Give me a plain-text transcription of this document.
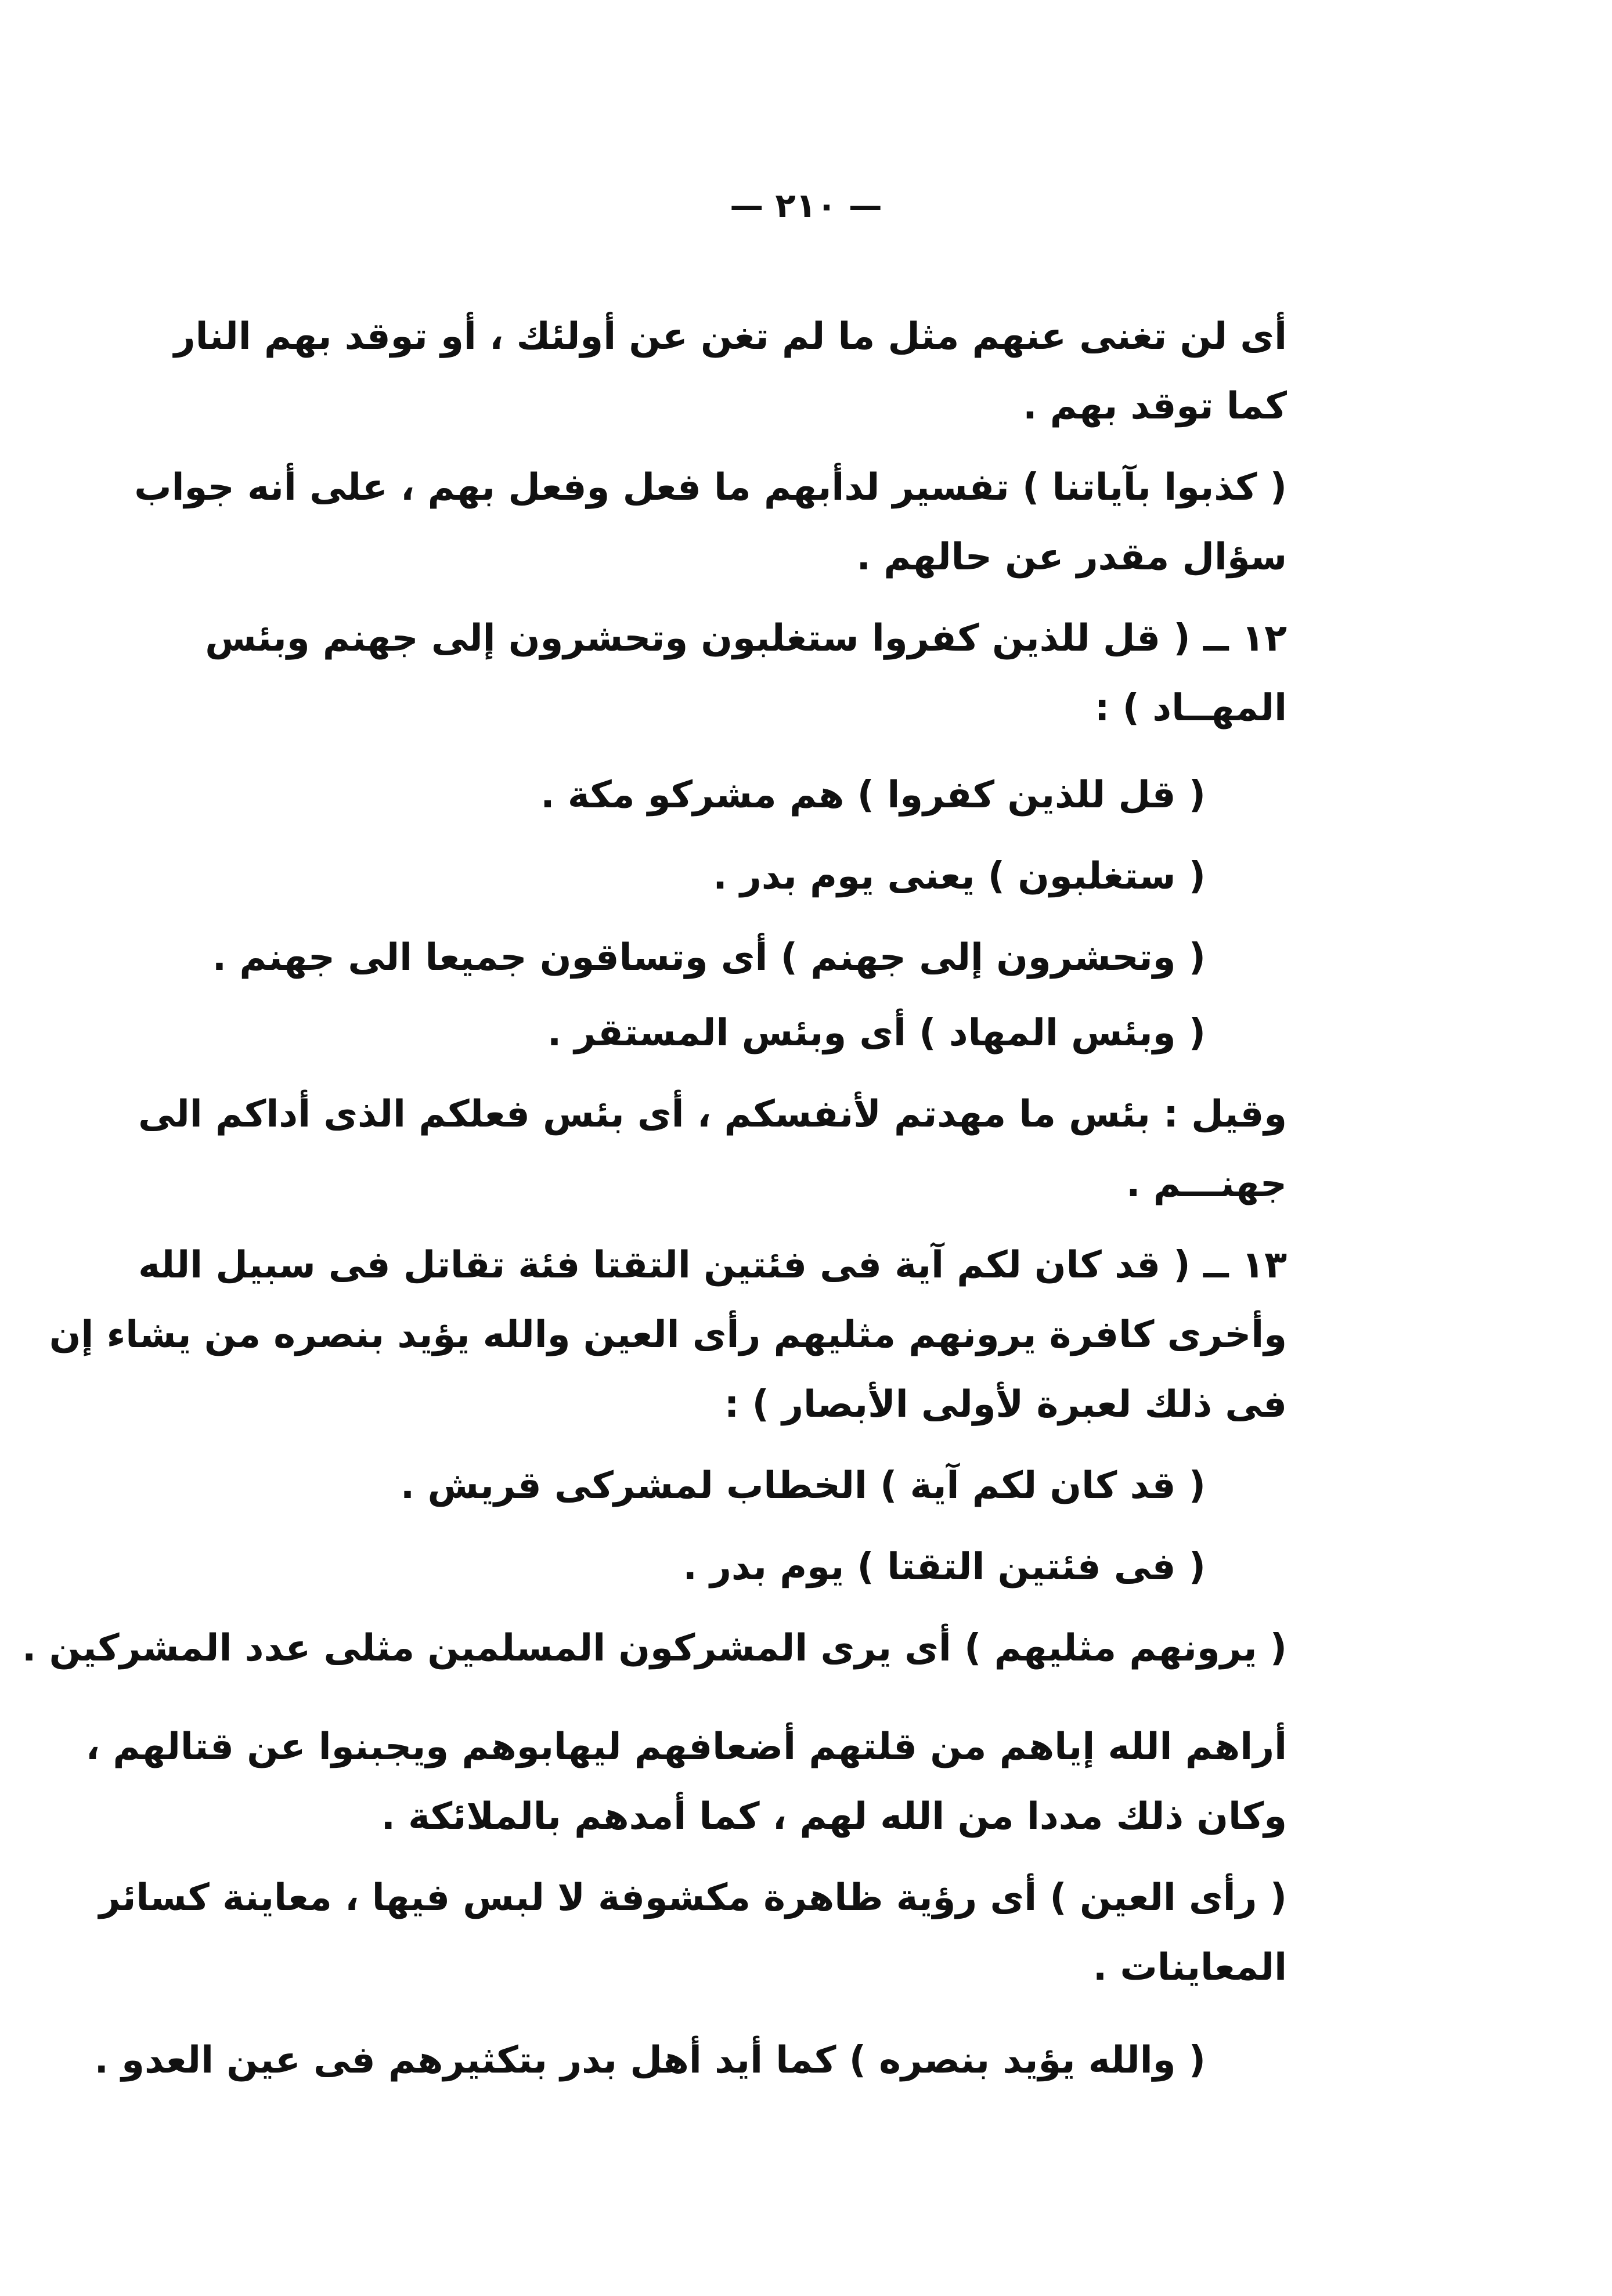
— ٢١٠ —
أى لن تغنى عنهم مثل ما لم تغن عن أولئك ، أو توقد بهم النار
كما توقد بهم .
( كذبوا بآياتنا ) تفسير لدأبهم ما فعل وفعل بهم ، على أنه جواب
سؤال مقدر عن حالهم .
١٢ ــ ( قل للذين كفروا ستغلبون وتحشرون إلى جهنم وبئس
المهــاد ) :
( قل للذين كفروا ) هم مشركو مكة .
( ستغلبون ) يعنى يوم بدر .
( وتحشرون إلى جهنم ) أى وتساقون جميعا الى جهنم .
( وبئس المهاد ) أى وبئس المستقر .
وقيل : بئس ما مهدتم لأنفسكم ، أى بئس فعلكم الذى أداكم الى
جهنـــم .
١٣ ــ ( قد كان لكم آية فى فئتين التقتا فئة تقاتل فى سبيل الله
وأخرى كافرة يرونهم مثليهم رأى العين والله يؤيد بنصره من يشاء إن
فى ذلك لعبرة لأولى الأبصار ) :
( قد كان لكم آية ) الخطاب لمشركى قريش .
( فى فئتين التقتا ) يوم بدر .
( يرونهم مثليهم ) أى يرى المشركون المسلمين مثلى عدد المشركين .
أراهم الله إياهم من قلتهم أضعافهم ليهابوهم ويجبنوا عن قتالهم ،
وكان ذلك مددا من الله لهم ، كما أمدهم بالملائكة .
( رأى العين ) أى رؤية ظاهرة مكشوفة لا لبس فيها ، معاينة كسائر
المعاينات .
( والله يؤيد بنصره ) كما أيد أهل بدر بتكثيرهم فى عين العدو .
